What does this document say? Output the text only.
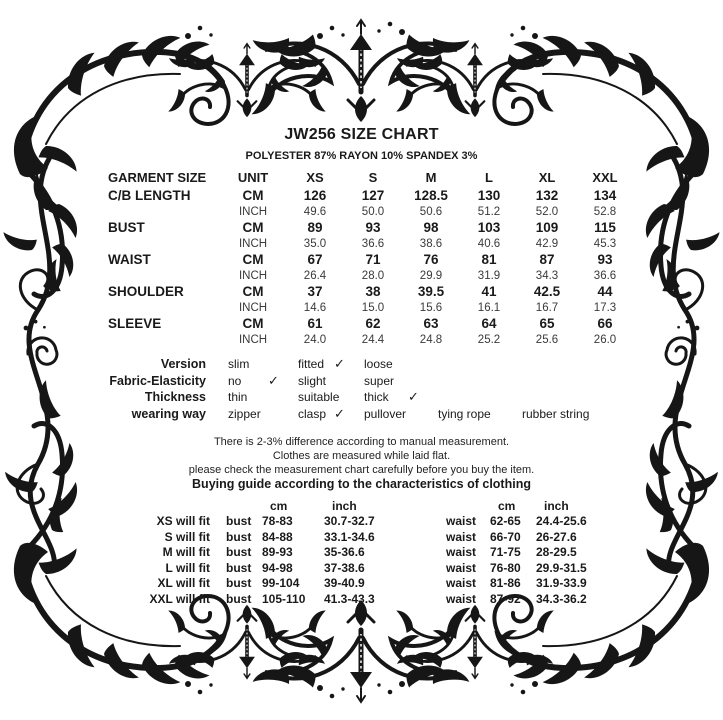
JW256 SIZE CHART
POLYESTER 87% RAYON 10% SPANDEX 3%
GARMENT SIZE	UNIT	XS	S	M	L	XL	XXL
C/B LENGTH	CM	126	127	128.5	130	132	134
INCH	49.6	50.0	50.6	51.2	52.0	52.8
BUST	CM	89	93	98	103	109	115
INCH	35.0	36.6	38.6	40.6	42.9	45.3
WAIST	CM	67	71	76	81	87	93
INCH	26.4	28.0	29.9	31.9	34.3	36.6
SHOULDER	CM	37	38	39.5	41	42.5	44
INCH	14.6	15.0	15.6	16.1	16.7	17.3
SLEEVE	CM	61	62	63	64	65	66
INCH	24.0	24.4	24.8	25.2	25.6	26.0
Version	slim	fitted ✓	loose
Fabric-Elasticity	no	✓	slight	super
Thickness	thin	suitable	thick	✓
wearing way	zipper	clasp ✓	pullover	tying rope	rubber string
There is 2-3% difference according to manual measurement.
Clothes are measured while laid flat.
please check the measurement chart carefully before you buy the item.
Buying guide according to the characteristics of clothing
cm	inch	cm	inch
XS will fit bust 78-83	30.7-32.7	waist	62-65	24.4-25.6
S will fit bust 84-88	33.1-34.6	waist	66-70	26-27.6
M will fit bust 89-93	35-36.6	waist	71-75	28-29.5
L will fit bust 94-98	37-38.6	waist	76-80	29.9-31.5
XL will fit bust 99-104	39-40.9	waist	81-86	31.9-33.9
XXL will fit bust 105-110	41.3-43.3	waist	87-92	34.3-36.2
